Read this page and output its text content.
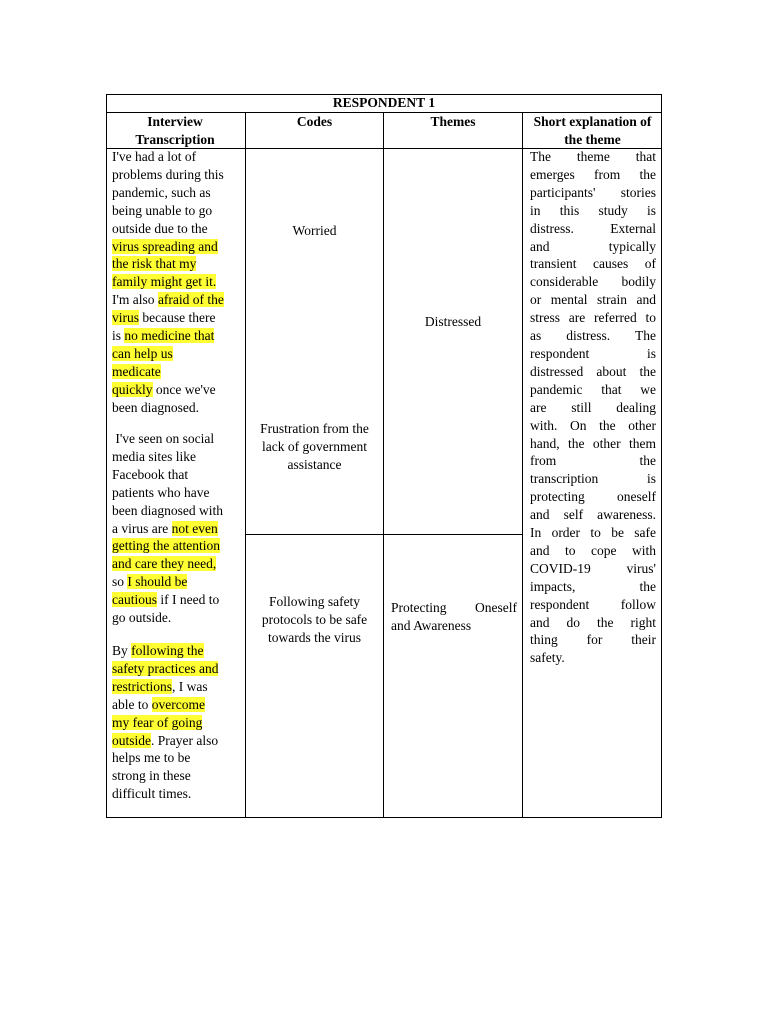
RESPONDENT 1
Interview Transcription
Codes	Themes	Short explanation of the theme
I've had a lot of
problems during this
pandemic, such as
being unable to go
outside due to the
virus spreading and
the risk that my
family might get it.
I'm also afraid of the
virus because there
is no medicine that
can help us
medicate
quickly once we've
been diagnosed.
I've seen on social
media sites like
Facebook that
patients who have
been diagnosed with
a virus are not even
getting the attention
and care they need,
so I should be
cautious if I need to
go outside.
By following the
safety practices and
restrictions, I was
able to overcome
my fear of going
outside. Prayer also
helps me to be
strong in these
difficult times.
Worried
Frustration from the
lack of government
assistance
Following safety
protocols to be safe
towards the virus
Distressed
Protecting Oneself
and Awareness
The theme that
emerges from the
participants' stories
in this study is
distress. External
and typically
transient causes of
considerable bodily
or mental strain and
stress are referred to
as distress. The
respondent is
distressed about the
pandemic that we
are still dealing
with. On the other
hand, the other them
from the
transcription is
protecting oneself
and self awareness.
In order to be safe
and to cope with
COVID-19 virus'
impacts, the
respondent follow
and do the right
thing for their
safety.
